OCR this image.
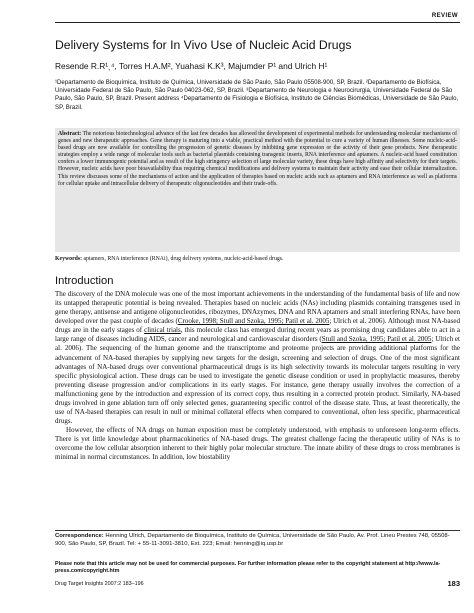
REVIEW
Delivery Systems for In Vivo Use of Nucleic Acid Drugs
Resende R.R¹ˎ⁴, Torres H.A.M², Yuahasi K.K³, Majumder P¹ and Ulrich H¹
¹Departamento de Bioquímica, Instituto de Química, Universidade de São Paulo, São Paulo 05508-900, SP, Brazil. ²Departamento de Biofísica, Universidade Federal de São Paulo, São Paulo 04023-062, SP, Brazil. ³Departamento de Neurologia e Neurocirurgia, Universidade Federal de São Paulo, São Paulo, SP, Brazil. Present address ⁴Departamento de Fisiologia e Biofísica, Instituto de Ciências Biomédicas, Universidade de São Paulo, SP, Brazil.
Abstract: The notorious biotechnological advance of the last few decades has allowed the development of experimental methods for understanding molecular mechanisms of genes and new therapeutic approaches. Gene therapy is maturing into a viable, practical method with the potential to cure a variety of human illnesses. Some nucleic-acid-based drugs are now available for controlling the progression of genetic diseases by inhibiting gene expression or the activity of their gene products. New therapeutic strategies employ a wide range of molecular tools such as bacterial plasmids containing transgenic inserts, RNA interference and aptamers. A nucleic-acid based constitution confers a lower immunogenic potential and as result of the high stringency selection of large molecular variety, these drugs have high affinity and selectivity for their targets. However, nucleic acids have poor bioavailability thus requiring chemical modifications and delivery systems to maintain their activity and ease their cellular internalization. This review discusses some of the mechanisms of action and the application of therapies based on nucleic acids such as aptamers and RNA interference as well as platforms for cellular uptake and intracellular delivery of therapeutic oligonucleotides and their trade-offs.
Keywords: aptamers, RNA interference (RNAi), drug delivery systems, nucleic-acid-based drugs.
Introduction

The discovery of the DNA molecule was one of the most important achievements in the understanding of the fundamental basis of life and now its untapped therapeutic potential is being revealed. Therapies based on nucleic acids (NAs) including plasmids containing transgenes used in gene therapy, antisense and antigene oligonucleotides, ribozymes, DNAzymes, DNA and RNA aptamers and small interfering RNAs, have been developed over the past couple of decades (Crooke, 1998; Stull and Szoka, 1995; Patil et al. 2005; Ulrich et al. 2006). Although most NA-based drugs are in the early stages of clinical trials, this molecule class has emerged during recent years as promising drug candidates able to act in a large range of diseases including AIDS, cancer and neurological and cardiovascular disorders (Stull and Szoka, 1995; Patil et al. 2005; Ulrich et al. 2006). The sequencing of the human genome and the transcriptome and proteome projects are providing additional platforms for the advancement of NA-based therapies by supplying new targets for the design, screening and selection of drugs. One of the most significant advantages of NA-based drugs over conventional pharmaceutical drugs is its high selectivity towards its molecular targets resulting in very specific physiological action. These drugs can be used to investigate the genetic disease condition or used in prophylactic measures, thereby preventing disease progression and/or complications in its early stages. For instance, gene therapy usually involves the correction of a malfunctioning gene by the introduction and expression of its correct copy, thus resulting in a corrected protein product. Similarly, NA-based drugs involved in gene ablation turn off only selected genes, guaranteeing specific control of the disease state. Thus, at least theoretically, the use of NA-based therapies can result in null or minimal collateral effects when compared to conventional, often less specific, pharmaceutical drugs.

However, the effects of NA drugs on human exposition must be completely understood, with emphasis to unforeseen long-term effects. There is yet little knowledge about pharmacokinetics of NA-based drugs. The greatest challenge facing the therapeutic utility of NAs is to overcome the low cellular absorption inherent to their highly polar molecular structure. The innate ability of these drugs to cross membranes is minimal in normal circumstances. In addition, low biostability

Correspondence: Henning Ulrich, Departamento de Bioquímica, Instituto de Química, Universidade de São Paulo, Av. Prof. Lineu Prestes 748, 05508-900, São Paulo, SP, Brazil. Tel: + 55-11-3091-3810, Ext. 223; Email: henning@iq.usp.br
Please note that this article may not be used for commercial purposes. For further information please refer to the copyright statement at http://www.la-press.com/copyright.htm
Drug Target Insights 2007:2 183–196	183
